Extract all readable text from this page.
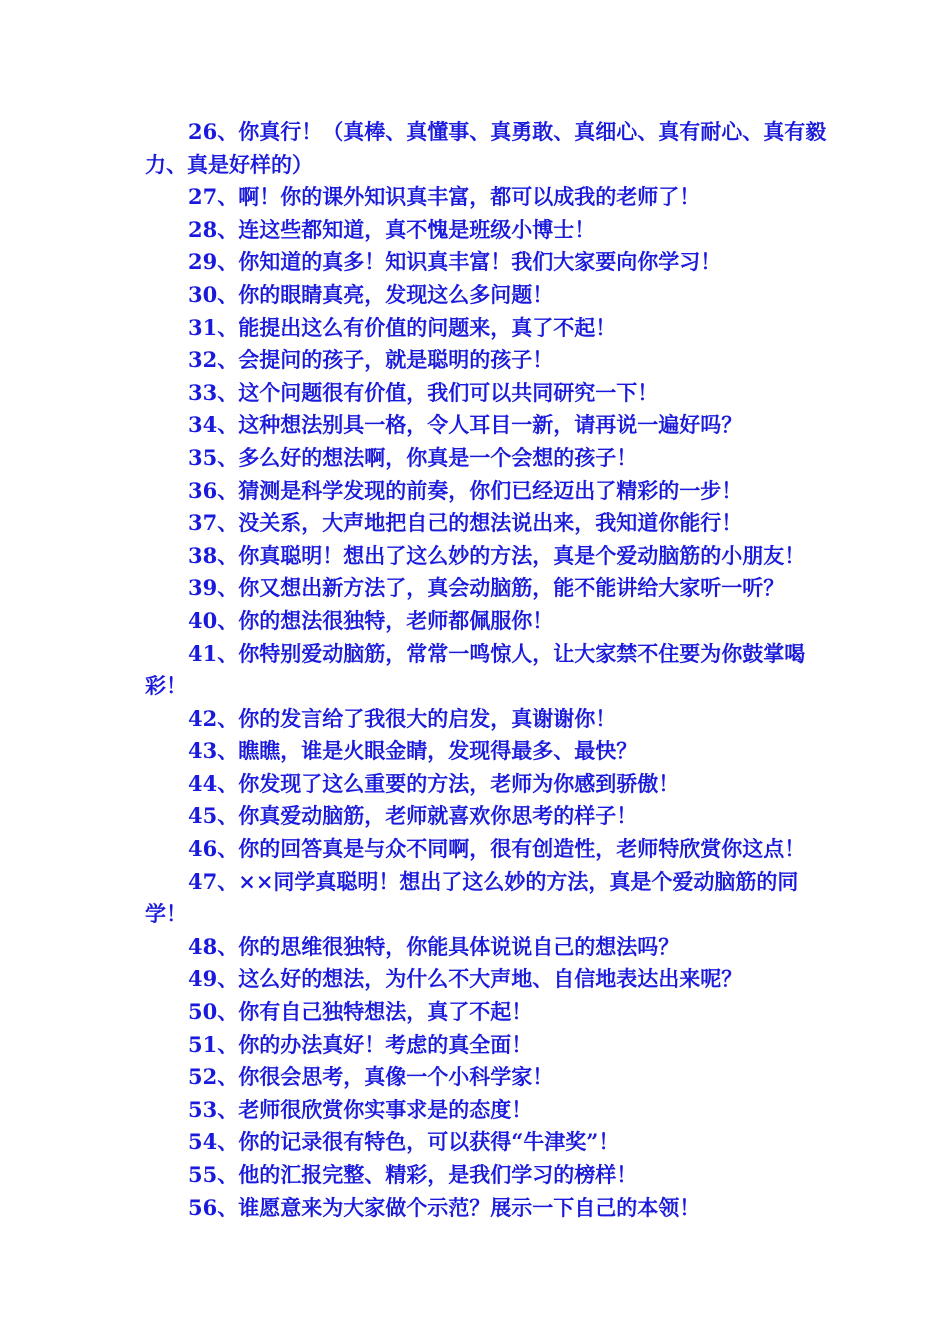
26、你真行！（真棒、真懂事、真勇敢、真细心、真有耐心、真有毅力、真是好样的）

27、啊！你的课外知识真丰富，都可以成我的老师了！

28、连这些都知道，真不愧是班级小博士！

29、你知道的真多！知识真丰富！我们大家要向你学习！

30、你的眼睛真亮，发现这么多问题！

31、能提出这么有价值的问题来，真了不起！

32、会提问的孩子，就是聪明的孩子！

33、这个问题很有价值，我们可以共同研究一下！

34、这种想法别具一格，令人耳目一新，请再说一遍好吗？

35、多么好的想法啊，你真是一个会想的孩子！

36、猜测是科学发现的前奏，你们已经迈出了精彩的一步！

37、没关系，大声地把自己的想法说出来，我知道你能行！

38、你真聪明！想出了这么妙的方法，真是个爱动脑筋的小朋友！

39、你又想出新方法了，真会动脑筋，能不能讲给大家听一听？

40、你的想法很独特，老师都佩服你！

41、你特别爱动脑筋，常常一鸣惊人，让大家禁不住要为你鼓掌喝彩！

42、你的发言给了我很大的启发，真谢谢你！

43、瞧瞧，谁是火眼金睛，发现得最多、最快？

44、你发现了这么重要的方法，老师为你感到骄傲！

45、你真爱动脑筋，老师就喜欢你思考的样子！

46、你的回答真是与众不同啊，很有创造性，老师特欣赏你这点！

47、××同学真聪明！想出了这么妙的方法，真是个爱动脑筋的同学！

48、你的思维很独特，你能具体说说自己的想法吗？

49、这么好的想法，为什么不大声地、自信地表达出来呢？

50、你有自己独特想法，真了不起！

51、你的办法真好！考虑的真全面！

52、你很会思考，真像一个小科学家！

53、老师很欣赏你实事求是的态度！

54、你的记录很有特色，可以获得“牛津奖”！

55、他的汇报完整、精彩，是我们学习的榜样！

56、谁愿意来为大家做个示范？展示一下自己的本领！
